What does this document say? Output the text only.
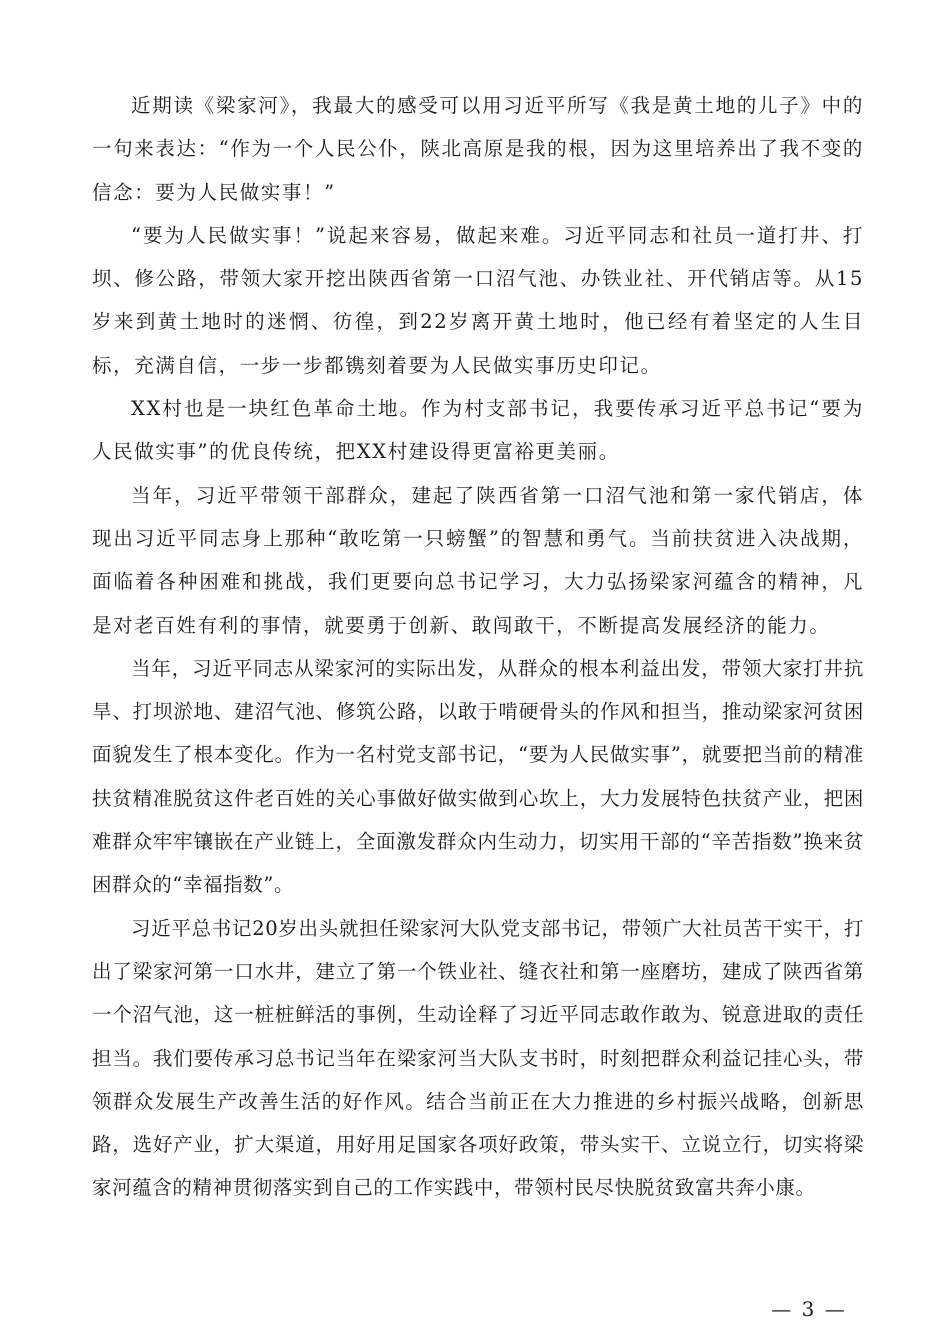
近期读《梁家河》，我最大的感受可以用习近平所写《我是黄土地的儿子》中的一句来表达：“作为一个人民公仆，陕北高原是我的根，因为这里培养出了我不变的信念：要为人民做实事！”

“要为人民做实事！”说起来容易，做起来难。习近平同志和社员一道打井、打坝、修公路，带领大家开挖出陕西省第一口沼气池、办铁业社、开代销店等。从15岁来到黄土地时的迷惘、彷徨，到22岁离开黄土地时，他已经有着坚定的人生目标，充满自信，一步一步都镌刻着要为人民做实事历史印记。

XX村也是一块红色革命土地。作为村支部书记，我要传承习近平总书记“要为人民做实事”的优良传统，把XX村建设得更富裕更美丽。

当年，习近平带领干部群众，建起了陕西省第一口沼气池和第一家代销店，体现出习近平同志身上那种“敢吃第一只螃蟹”的智慧和勇气。当前扶贫进入决战期，面临着各种困难和挑战，我们更要向总书记学习，大力弘扬梁家河蕴含的精神，凡是对老百姓有利的事情，就要勇于创新、敢闯敢干，不断提高发展经济的能力。

当年，习近平同志从梁家河的实际出发，从群众的根本利益出发，带领大家打井抗旱、打坝淤地、建沼气池、修筑公路，以敢于啃硬骨头的作风和担当，推动梁家河贫困面貌发生了根本变化。作为一名村党支部书记，“要为人民做实事”，就要把当前的精准扶贫精准脱贫这件老百姓的关心事做好做实做到心坎上，大力发展特色扶贫产业，把困难群众牢牢镶嵌在产业链上，全面激发群众内生动力，切实用干部的“辛苦指数”换来贫困群众的“幸福指数”。

习近平总书记20岁出头就担任梁家河大队党支部书记，带领广大社员苦干实干，打出了梁家河第一口水井，建立了第一个铁业社、缝衣社和第一座磨坊，建成了陕西省第一个沼气池，这一桩桩鲜活的事例，生动诠释了习近平同志敢作敢为、锐意进取的责任担当。我们要传承习总书记当年在梁家河当大队支书时，时刻把群众利益记挂心头，带领群众发展生产改善生活的好作风。结合当前正在大力推进的乡村振兴战略，创新思路，选好产业，扩大渠道，用好用足国家各项好政策，带头实干、立说立行，切实将梁家河蕴含的精神贯彻落实到自己的工作实践中，带领村民尽快脱贫致富共奔小康。

— 3 —
